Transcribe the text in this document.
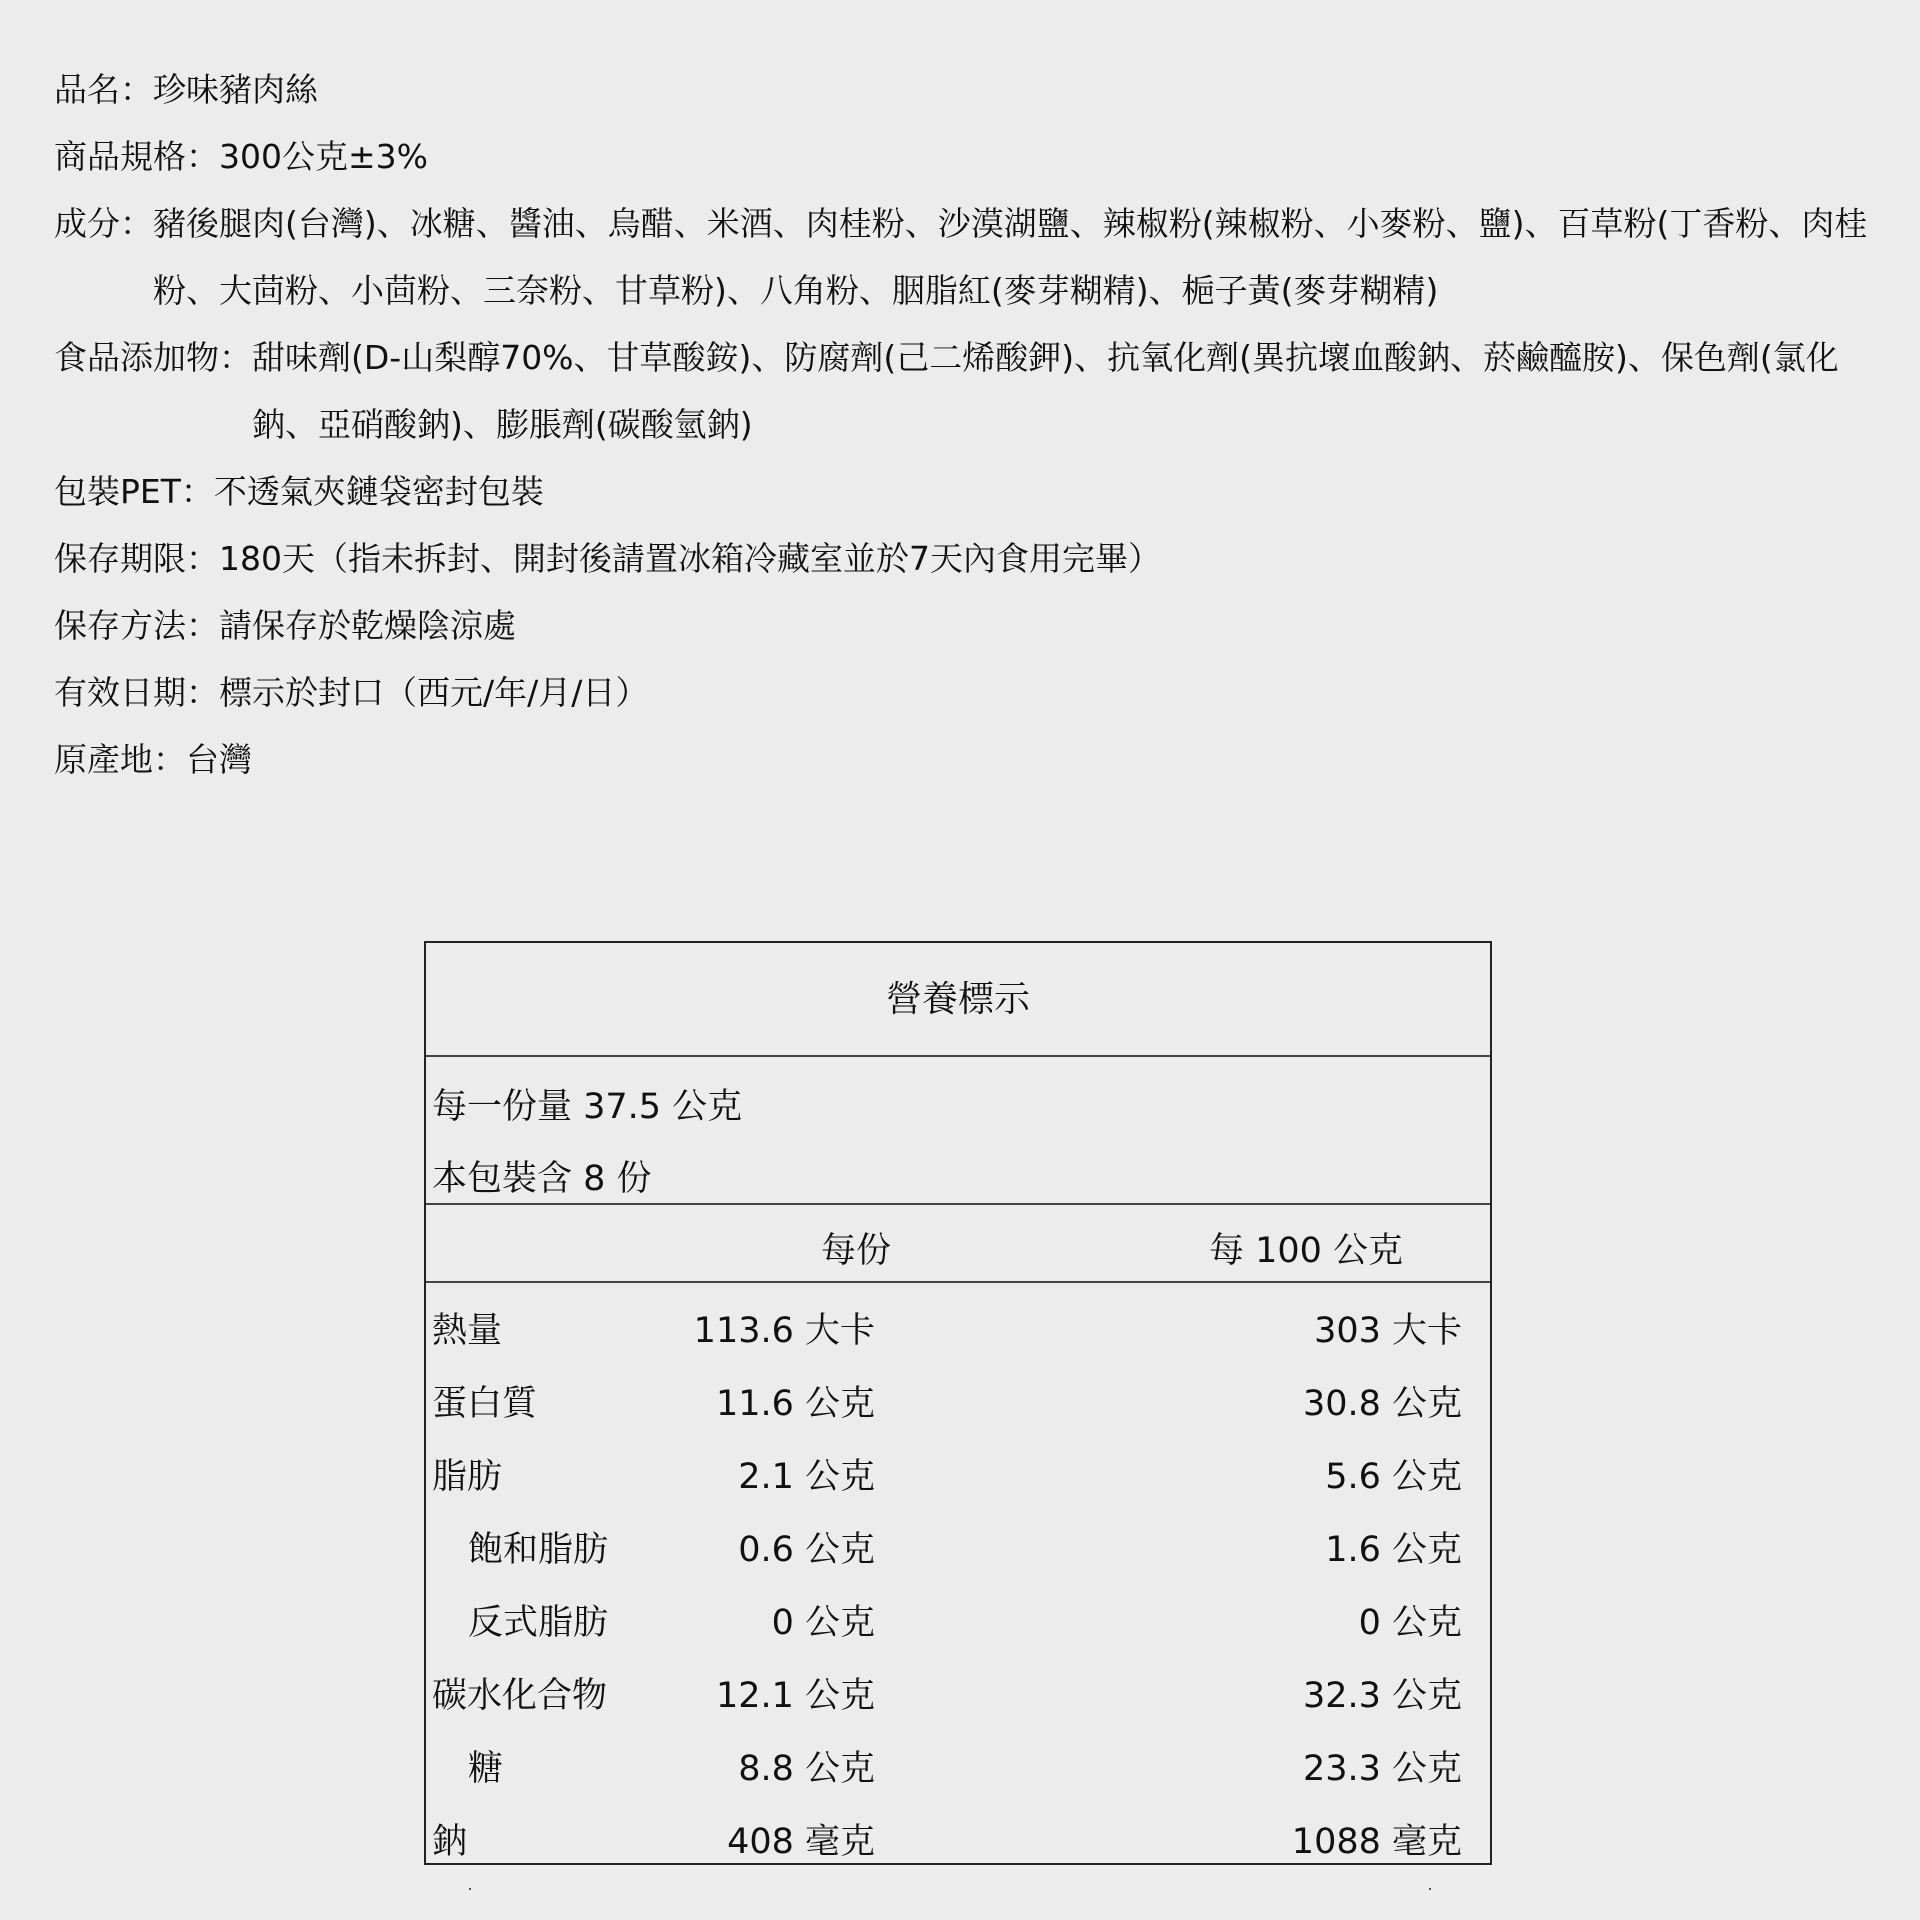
品名： 珍味豬肉絲
商品規格： 300公克±3%
成分： 豬後腿肉(台灣)、冰糖、醬油、烏醋、米酒、肉桂粉、沙漠湖鹽、辣椒粉(辣椒粉、小麥粉、鹽)、百草粉(丁香粉、肉桂粉、大茴粉、小茴粉、三奈粉、甘草粉)、八角粉、胭脂紅(麥芽糊精)、梔子黃(麥芽糊精)
食品添加物： 甜味劑(D-山梨醇70%、甘草酸銨)、防腐劑(己二烯酸鉀)、抗氧化劑(異抗壞血酸鈉、菸鹼醯胺)、保色劑(氯化鈉、亞硝酸鈉)、膨脹劑(碳酸氫鈉)
包裝PET： 不透氣夾鏈袋密封包裝
保存期限： 180天（指未拆封、開封後請置冰箱冷藏室並於7天內食用完畢）
保存方法： 請保存於乾燥陰涼處
有效日期： 標示於封口（西元/年/月/日）
原產地： 台灣
營養標示
每一份量 37.5 公克
本包裝含 8 份
每份	每 100 公克
熱量	113.6 大卡	303 大卡
蛋白質	11.6 公克	30.8 公克
脂肪	2.1 公克	5.6 公克
飽和脂肪	0.6 公克	1.6 公克
反式脂肪	0 公克	0 公克
碳水化合物	12.1 公克	32.3 公克
糖	8.8 公克	23.3 公克
鈉	408 毫克	1088 毫克
